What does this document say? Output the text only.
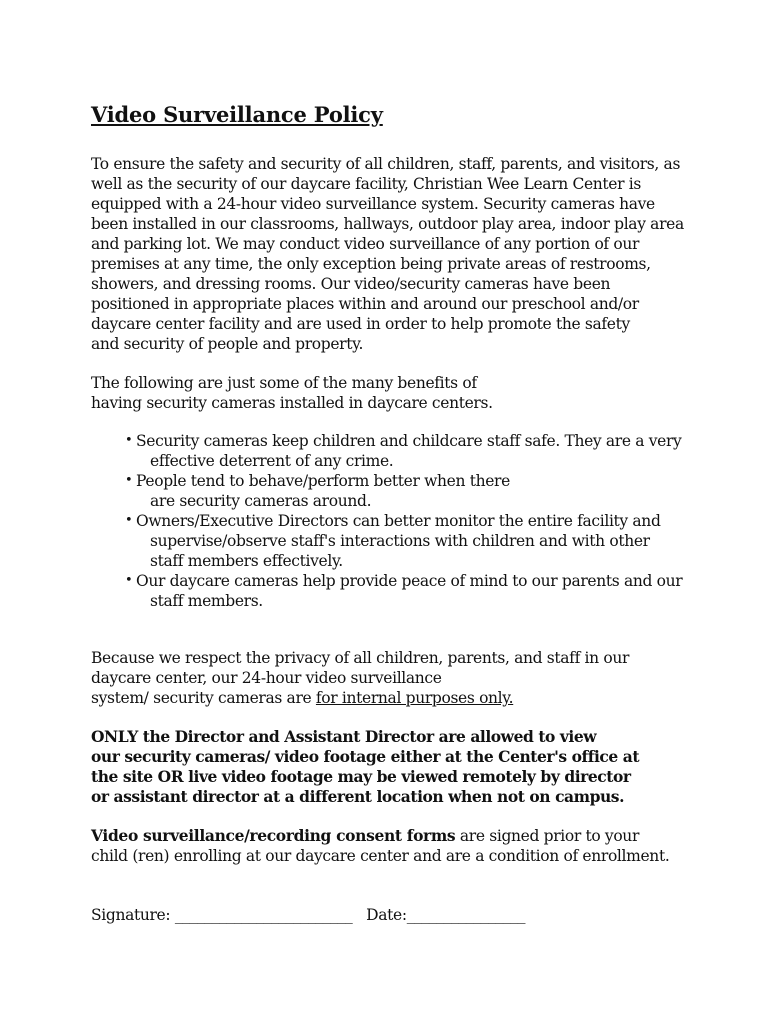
Video Surveillance Policy

To ensure the safety and security of all children, staff, parents, and visitors, as
well as the security of our daycare facility, Christian Wee Learn Center is
equipped with a 24-hour video surveillance system. Security cameras have
been installed in our classrooms, hallways, outdoor play area, indoor play area
and parking lot. We may conduct video surveillance of any portion of our
premises at any time, the only exception being private areas of restrooms,
showers, and dressing rooms. Our video/security cameras have been
positioned in appropriate places within and around our preschool and/or
daycare center facility and are used in order to help promote the safety
and security of people and property.

The following are just some of the many benefits of
having security cameras installed in daycare centers.

• Security cameras keep children and childcare staff safe. They are a very
effective deterrent of any crime.
• People tend to behave/perform better when there
are security cameras around.
• Owners/Executive Directors can better monitor the entire facility and
supervise/observe staff's interactions with children and with other
staff members effectively.
• Our daycare cameras help provide peace of mind to our parents and our
staff members.

Because we respect the privacy of all children, parents, and staff in our
daycare center, our 24-hour video surveillance
system/ security cameras are for internal purposes only.

ONLY the Director and Assistant Director are allowed to view
our security cameras/ video footage either at the Center's office at
the site OR live video footage may be viewed remotely by director
or assistant director at a different location when not on campus.

Video surveillance/recording consent forms are signed prior to your
child (ren) enrolling at our daycare center and are a condition of enrollment.

Signature: ________________________ Date:________________
